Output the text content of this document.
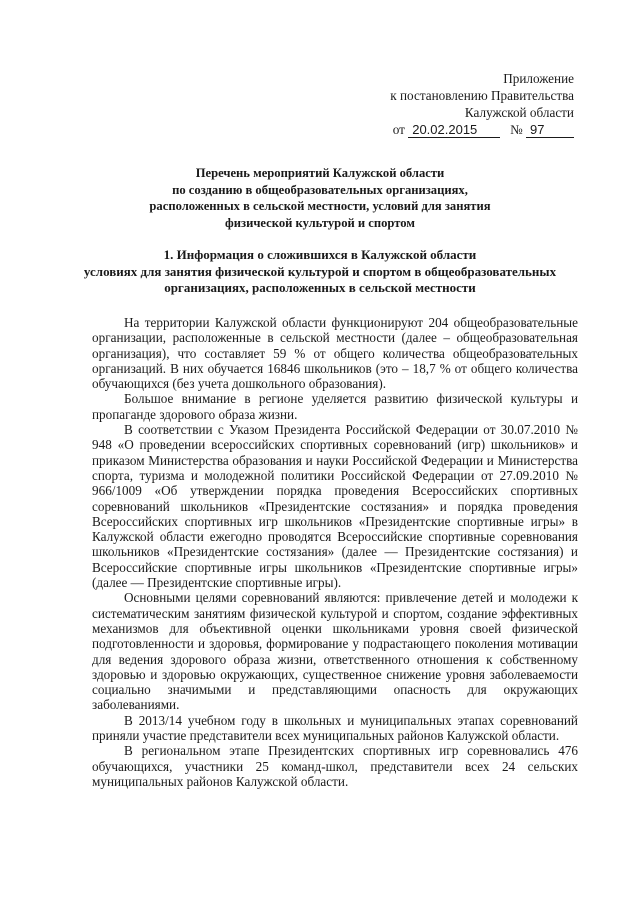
Приложение
к постановлению Правительства
Калужской области
от 20.02.2015 № 97
Перечень мероприятий Калужской области
по созданию в общеобразовательных организациях,
расположенных в сельской местности, условий для занятия
физической культурой и спортом
1. Информация о сложившихся в Калужской области
условиях для занятия физической культурой и спортом в общеобразовательных
организациях, расположенных в сельской местности

На территории Калужской области функционируют 204 общеобразовательные организации, расположенные в сельской местности (далее – общеобразовательная организация), что составляет 59 % от общего количества общеобразовательных организаций. В них обучается 16846 школьников (это – 18,7 % от общего количества обучающихся (без учета дошкольного образования).

Большое внимание в регионе уделяется развитию физической культуры и пропаганде здорового образа жизни.

В соответствии с Указом Президента Российской Федерации от 30.07.2010 № 948 «О проведении всероссийских спортивных соревнований (игр) школьников» и приказом Министерства образования и науки Российской Федерации и Министерства спорта, туризма и молодежной политики Российской Федерации от 27.09.2010 № 966/1009 «Об утверждении порядка проведения Всероссийских спортивных соревнований школьников «Президентские состязания» и порядка проведения Всероссийских спортивных игр школьников «Президентские спортивные игры» в Калужской области ежегодно проводятся Всероссийские спортивные соревнования школьников «Президентские состязания» (далее — Президентские состязания) и Всероссийские спортивные игры школьников «Президентские спортивные игры» (далее — Президентские спортивные игры).

Основными целями соревнований являются: привлечение детей и молодежи к систематическим занятиям физической культурой и спортом, создание эффективных механизмов для объективной оценки школьниками уровня своей физической подготовленности и здоровья, формирование у подрастающего поколения мотивации для ведения здорового образа жизни, ответственного отношения к собственному здоровью и здоровью окружающих, существенное снижение уровня заболеваемости социально значимыми и представляющими опасность для окружающих заболеваниями.

В 2013/14 учебном году в школьных и муниципальных этапах соревнований приняли участие представители всех муниципальных районов Калужской области.

В региональном этапе Президентских спортивных игр соревновались 476 обучающихся, участники 25 команд-школ, представители всех 24 сельских муниципальных районов Калужской области.
